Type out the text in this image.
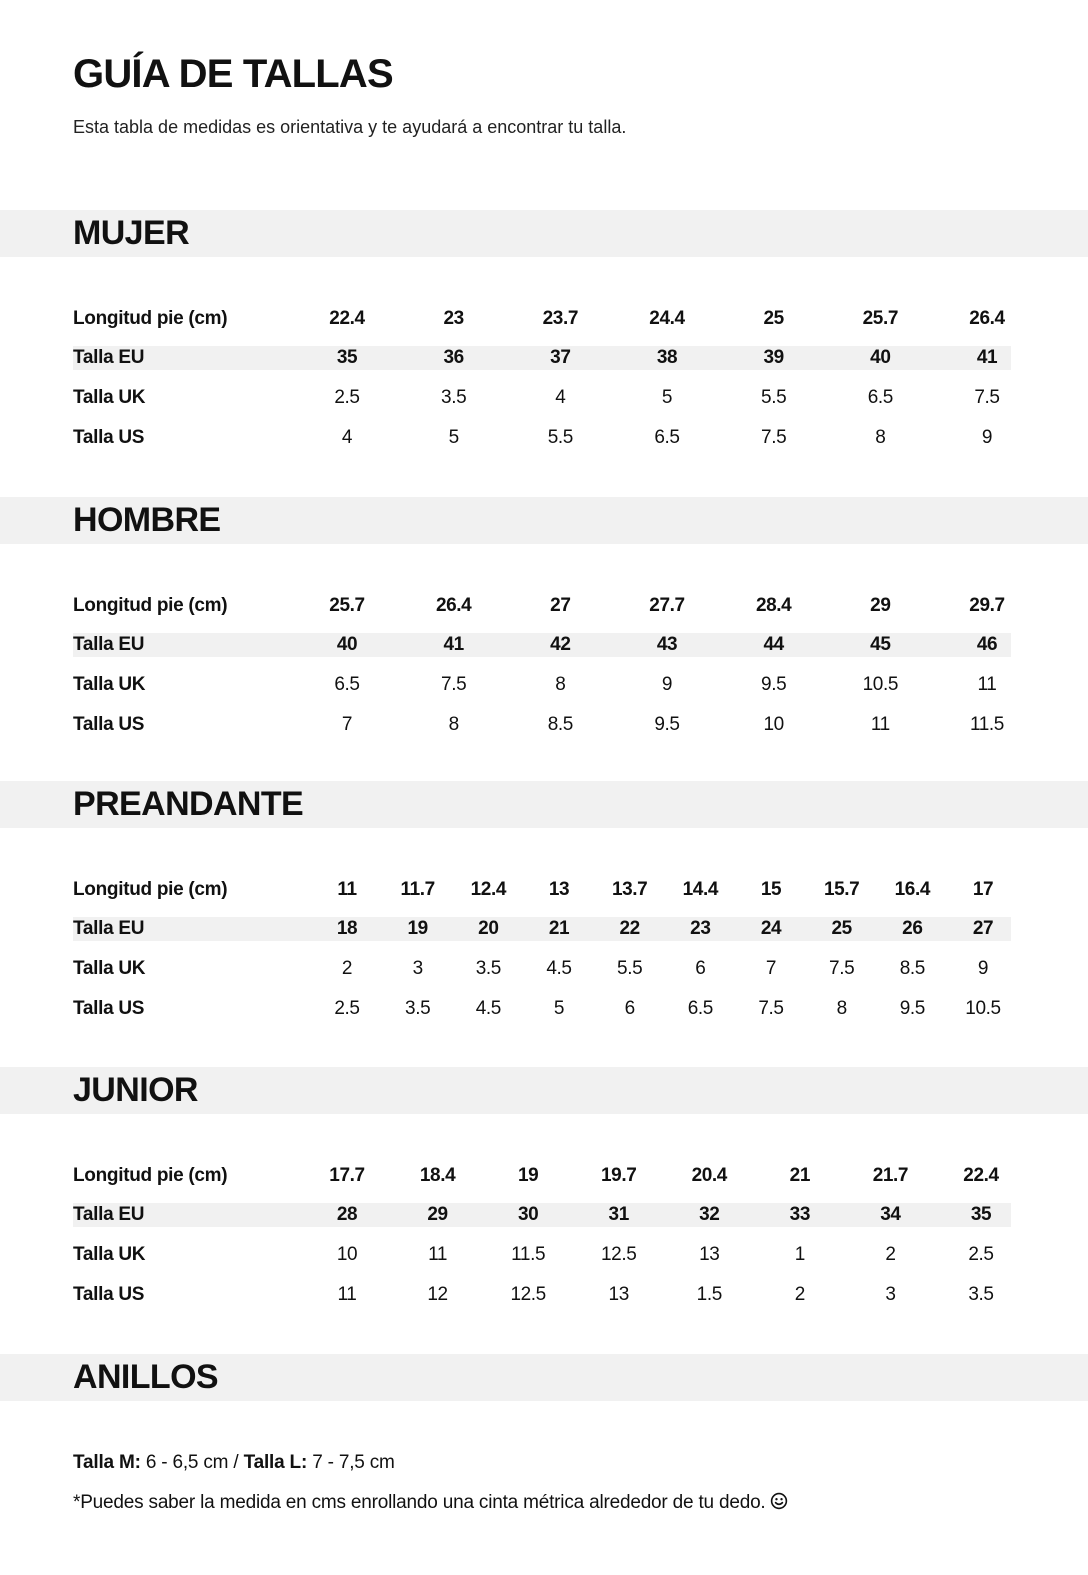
GUÍA DE TALLAS

Esta tabla de medidas es orientativa y te ayudará a encontrar tu talla.

MUJER
Longitud pie (cm)	22.4	23	23.7	24.4	25	25.7	26.4
Talla EU	35	36	37	38	39	40	41
Talla UK	2.5	3.5	4	5	5.5	6.5	7.5
Talla US	4	5	5.5	6.5	7.5	8	9
HOMBRE
Longitud pie (cm)	25.7	26.4	27	27.7	28.4	29	29.7
Talla EU	40	41	42	43	44	45	46
Talla UK	6.5	7.5	8	9	9.5	10.5	11
Talla US	7	8	8.5	9.5	10	11	11.5
PREANDANTE
Longitud pie (cm)	11	11.7	12.4	13	13.7	14.4	15	15.7	16.4	17
Talla EU	18	19	20	21	22	23	24	25	26	27
Talla UK	2	3	3.5	4.5	5.5	6	7	7.5	8.5	9
Talla US	2.5	3.5	4.5	5	6	6.5	7.5	8	9.5	10.5
JUNIOR
Longitud pie (cm)	17.7	18.4	19	19.7	20.4	21	21.7	22.4
Talla EU	28	29	30	31	32	33	34	35
Talla UK	10	11	11.5	12.5	13	1	2	2.5
Talla US	11	12	12.5	13	1.5	2	3	3.5
ANILLOS
Talla M: 6 - 6,5 cm / Talla L: 7 - 7,5 cm
*Puedes saber la medida en cms enrollando una cinta métrica alrededor de tu dedo.
